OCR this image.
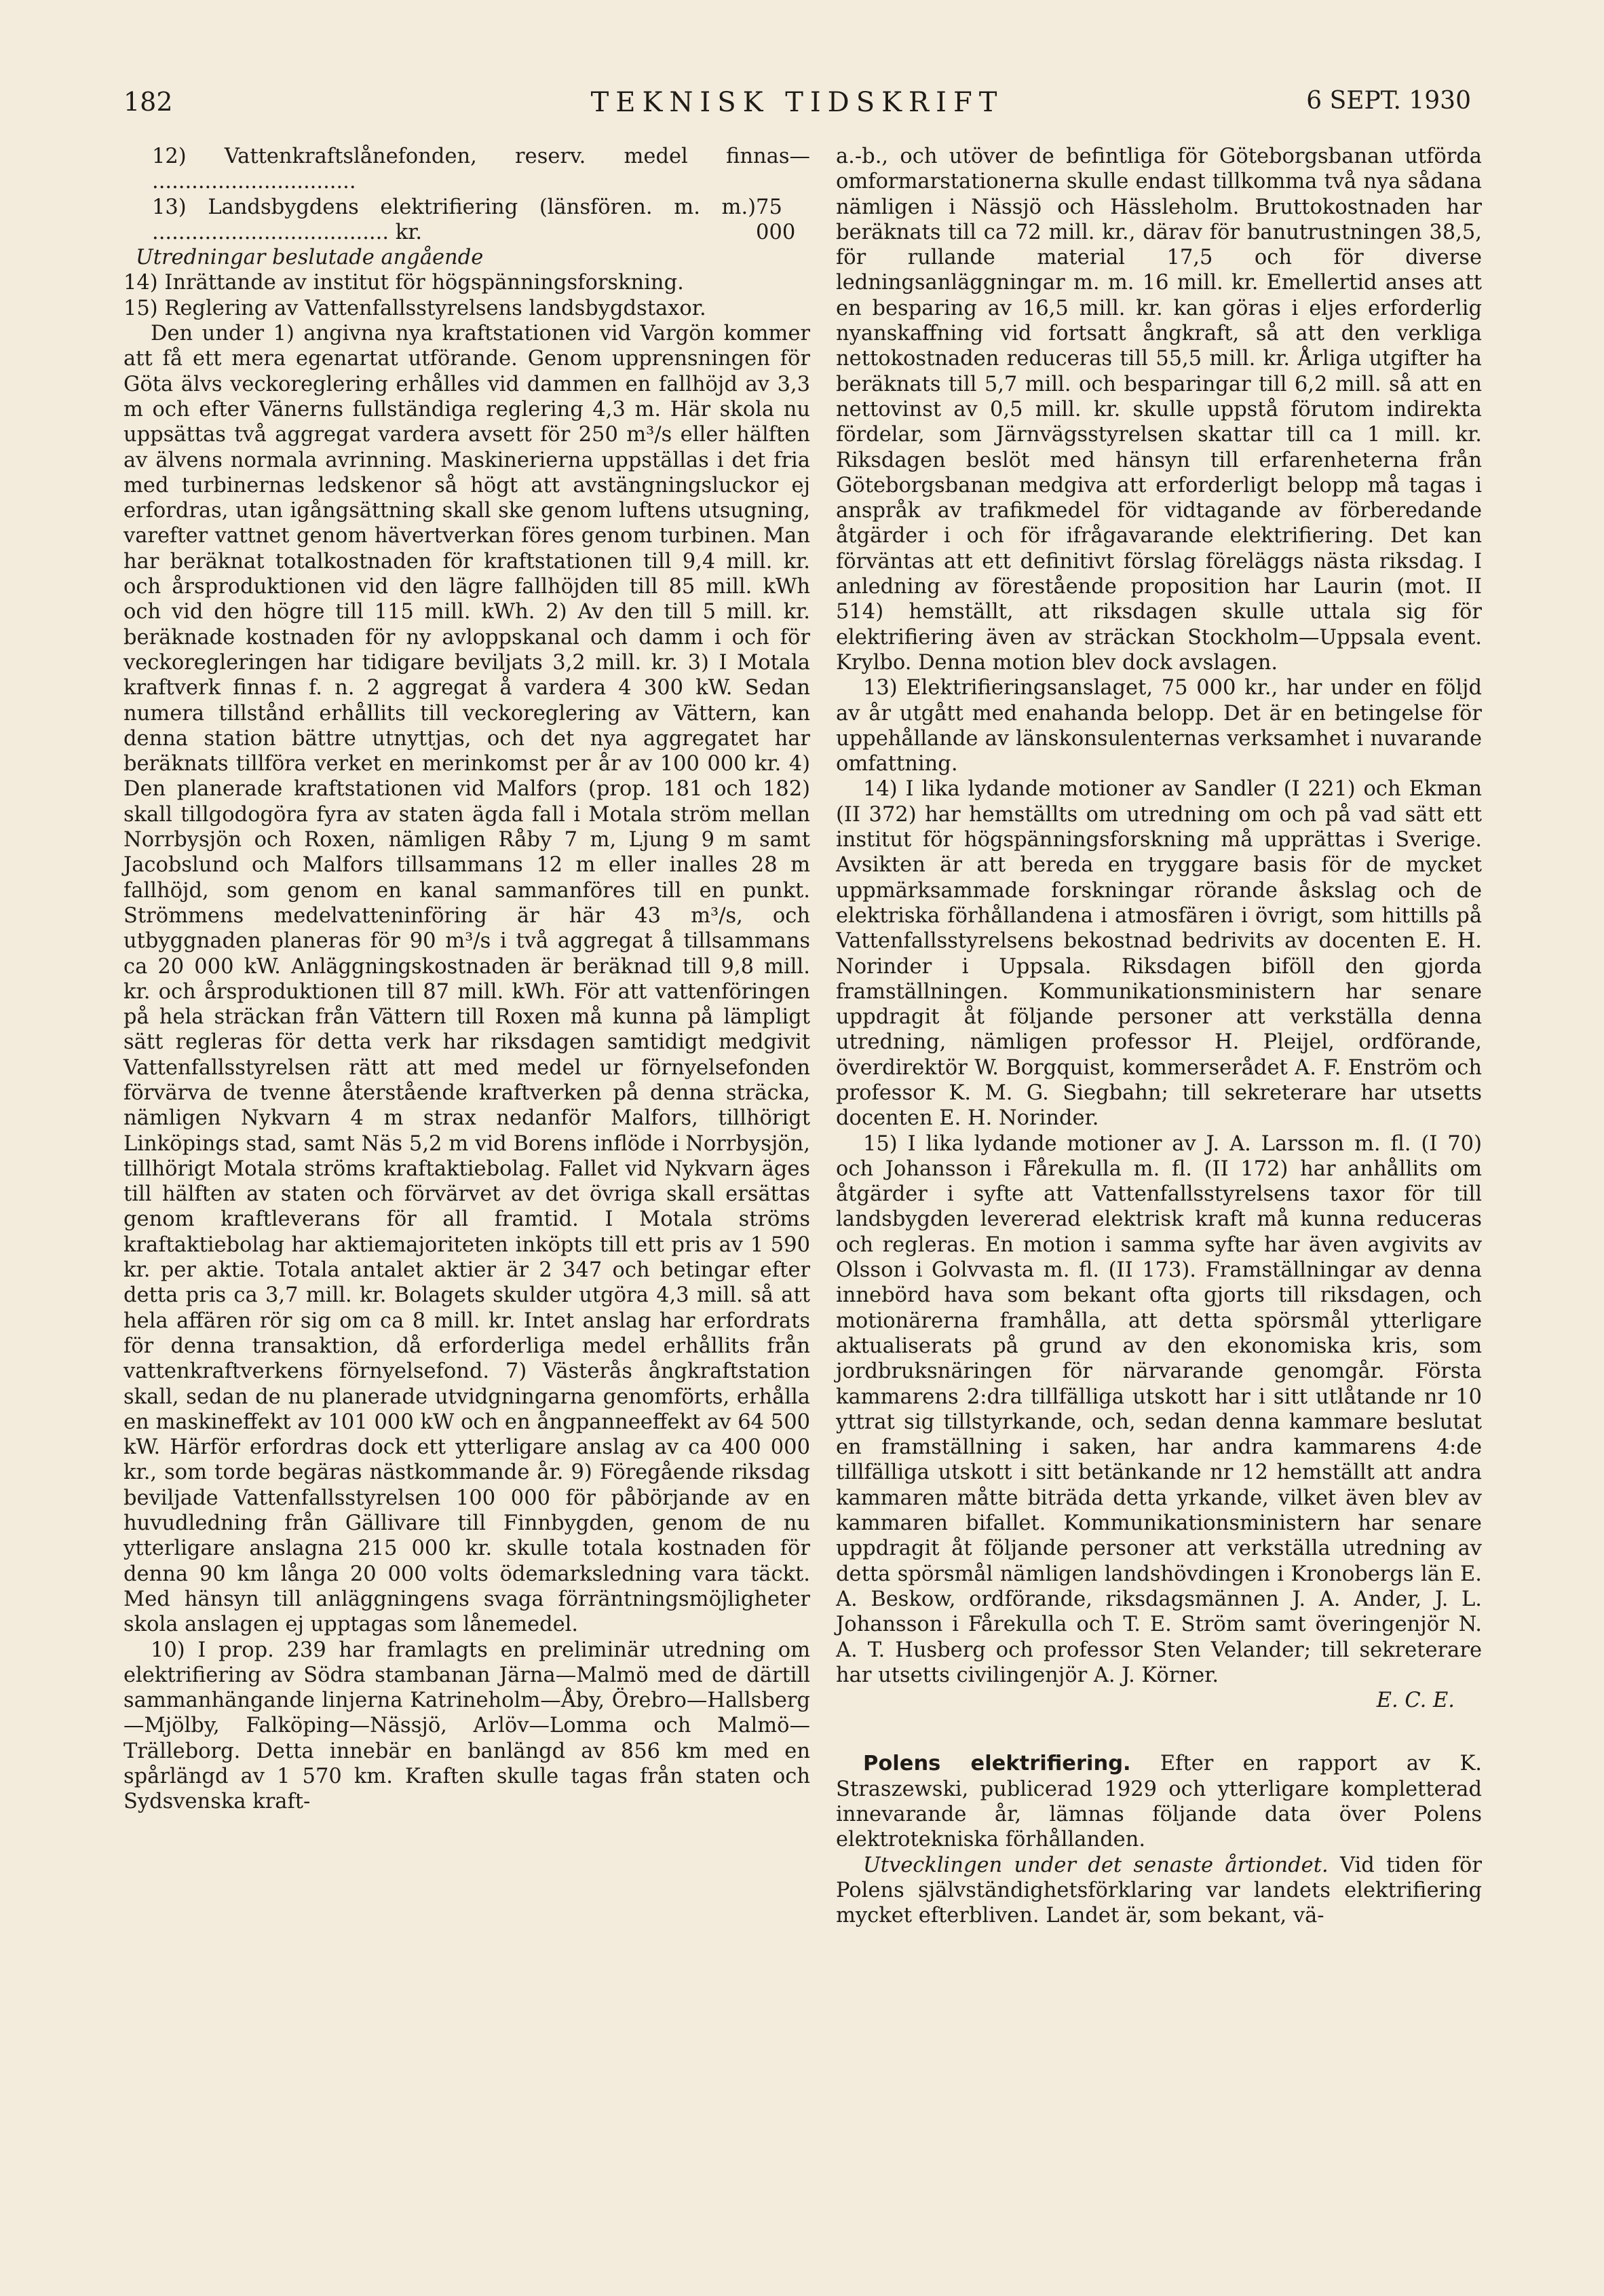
182	TEKNISK TIDSKRIFT	6 SEPT. 1930

12) Vattenkraftslånefonden, reserv. medel finnas ...............................
—

13) Landsbygdens elektrifiering (länsfören. m. m.) .................................... kr.
75 000

Utredningar beslutade angående

14) Inrättande av institut för högspänningsforskning.

15) Reglering av Vattenfallsstyrelsens landsbygdstaxor.

Den under 1) angivna nya kraftstationen vid Vargön kommer att få ett mera egenartat utförande. Genom upprensningen för Göta älvs veckoreglering erhålles vid dammen en fallhöjd av 3,3 m och efter Vänerns fullständiga reglering 4,3 m. Här skola nu uppsättas två aggregat vardera avsett för 250 m³/s eller hälften av älvens normala avrinning. Maskinerierna uppställas i det fria med turbinernas ledskenor så högt att avstängningsluckor ej erfordras, utan igångsättning skall ske genom luftens utsugning, varefter vattnet genom hävertverkan föres genom turbinen. Man har beräknat totalkostnaden för kraftstationen till 9,4 mill. kr. och årsproduktionen vid den lägre fallhöjden till 85 mill. kWh och vid den högre till 115 mill. kWh. 2) Av den till 5 mill. kr. beräknade kostnaden för ny avloppskanal och damm i och för veckoregleringen har tidigare beviljats 3,2 mill. kr. 3) I Motala kraftverk finnas f. n. 2 aggregat å vardera 4 300 kW. Sedan numera tillstånd erhållits till veckoreglering av Vättern, kan denna station bättre utnyttjas, och det nya aggregatet har beräknats tillföra verket en merinkomst per år av 100 000 kr. 4) Den planerade kraftstationen vid Malfors (prop. 181 och 182) skall tillgodogöra fyra av staten ägda fall i Motala ström mellan Norrbysjön och Roxen, nämligen Råby 7 m, Ljung 9 m samt Jacobslund och Malfors tillsammans 12 m eller inalles 28 m fallhöjd, som genom en kanal sammanföres till en punkt. Strömmens medelvatteninföring är här 43 m³/s, och utbyggnaden planeras för 90 m³/s i två aggregat å tillsammans ca 20 000 kW. Anläggningskostnaden är beräknad till 9,8 mill. kr. och årsproduktionen till 87 mill. kWh. För att vattenföringen på hela sträckan från Vättern till Roxen må kunna på lämpligt sätt regleras för detta verk har riksdagen samtidigt medgivit Vattenfallsstyrelsen rätt att med medel ur förnyelsefonden förvärva de tvenne återstående kraftverken på denna sträcka, nämligen Nykvarn 4 m strax nedanför Malfors, tillhörigt Linköpings stad, samt Näs 5,2 m vid Borens inflöde i Norrbysjön, tillhörigt Motala ströms kraftaktiebolag. Fallet vid Nykvarn äges till hälften av staten och förvärvet av det övriga skall ersättas genom kraftleverans för all framtid. I Motala ströms kraftaktiebolag har aktiemajoriteten inköpts till ett pris av 1 590 kr. per aktie. Totala antalet aktier är 2 347 och betingar efter detta pris ca 3,7 mill. kr. Bolagets skulder utgöra 4,3 mill. så att hela affären rör sig om ca 8 mill. kr. Intet anslag har erfordrats för denna transaktion, då erforderliga medel erhållits från vattenkraftverkens förnyelsefond. 7) Västerås ångkraftstation skall, sedan de nu planerade utvidgningarna genomförts, erhålla en maskineffekt av 101 000 kW och en ångpanneeffekt av 64 500 kW. Härför erfordras dock ett ytterligare anslag av ca 400 000 kr., som torde begäras nästkommande år. 9) Föregående riksdag beviljade Vattenfallsstyrelsen 100 000 för påbörjande av en huvudledning från Gällivare till Finnbygden, genom de nu ytterligare anslagna 215 000 kr. skulle totala kostnaden för denna 90 km långa 20 000 volts ödemarksledning vara täckt. Med hänsyn till anläggningens svaga förräntningsmöjligheter skola anslagen ej upptagas som lånemedel.

10) I prop. 239 har framlagts en preliminär utredning om elektrifiering av Södra stambanan Järna—Malmö med de därtill sammanhängande linjerna Katrineholm—Åby, Örebro—Hallsberg—Mjölby, Falköping—Nässjö, Arlöv—Lomma och Malmö—Trälleborg. Detta innebär en banlängd av 856 km med en spårlängd av 1 570 km. Kraften skulle tagas från staten och Sydsvenska kraft-

a.-b., och utöver de befintliga för Göteborgsbanan utförda omformarstationerna skulle endast tillkomma två nya sådana nämligen i Nässjö och Hässleholm. Bruttokostnaden har beräknats till ca 72 mill. kr., därav för banutrustningen 38,5, för rullande material 17,5 och för diverse ledningsanläggningar m. m. 16 mill. kr. Emellertid anses att en besparing av 16,5 mill. kr. kan göras i eljes erforderlig nyanskaffning vid fortsatt ångkraft, så att den verkliga nettokostnaden reduceras till 55,5 mill. kr. Årliga utgifter ha beräknats till 5,7 mill. och besparingar till 6,2 mill. så att en nettovinst av 0,5 mill. kr. skulle uppstå förutom indirekta fördelar, som Järnvägsstyrelsen skattar till ca 1 mill. kr. Riksdagen beslöt med hänsyn till erfarenheterna från Göteborgsbanan medgiva att erforderligt belopp må tagas i anspråk av trafikmedel för vidtagande av förberedande åtgärder i och för ifrågavarande elektrifiering. Det kan förväntas att ett definitivt förslag föreläggs nästa riksdag. I anledning av förestående proposition har Laurin (mot. II 514) hemställt, att riksdagen skulle uttala sig för elektrifiering även av sträckan Stockholm—Uppsala event. Krylbo. Denna motion blev dock avslagen.

13) Elektrifieringsanslaget, 75 000 kr., har under en följd av år utgått med enahanda belopp. Det är en betingelse för uppehållande av länskonsulenternas verksamhet i nuvarande omfattning.

14) I lika lydande motioner av Sandler (I 221) och Ekman (II 372) har hemställts om utredning om och på vad sätt ett institut för högspänningsforskning må upprättas i Sverige. Avsikten är att bereda en tryggare basis för de mycket uppmärksammade forskningar rörande åskslag och de elektriska förhållandena i atmosfären i övrigt, som hittills på Vattenfallsstyrelsens bekostnad bedrivits av docenten E. H. Norinder i Uppsala. Riksdagen biföll den gjorda framställningen. Kommunikationsministern har senare uppdragit åt följande personer att verkställa denna utredning, nämligen professor H. Pleijel, ordförande, överdirektör W. Borgquist, kommerserådet A. F. Enström och professor K. M. G. Siegbahn; till sekreterare har utsetts docenten E. H. Norinder.

15) I lika lydande motioner av J. A. Larsson m. fl. (I 70) och Johansson i Fårekulla m. fl. (II 172) har anhållits om åtgärder i syfte att Vattenfallsstyrelsens taxor för till landsbygden levererad elektrisk kraft må kunna reduceras och regleras. En motion i samma syfte har även avgivits av Olsson i Golvvasta m. fl. (II 173). Framställningar av denna innebörd hava som bekant ofta gjorts till riksdagen, och motionärerna framhålla, att detta spörsmål ytterligare aktualiserats på grund av den ekonomiska kris, som jordbruksnäringen för närvarande genomgår. Första kammarens 2:dra tillfälliga utskott har i sitt utlåtande nr 10 yttrat sig tillstyrkande, och, sedan denna kammare beslutat en framställning i saken, har andra kammarens 4:de tillfälliga utskott i sitt betänkande nr 12 hemställt att andra kammaren måtte biträda detta yrkande, vilket även blev av kammaren bifallet. Kommunikationsministern har senare uppdragit åt följande personer att verkställa utredning av detta spörsmål nämligen landshövdingen i Kronobergs län E. A. Beskow, ordförande, riksdagsmännen J. A. Ander, J. L. Johansson i Fårekulla och T. E. Ström samt överingenjör N. A. T. Husberg och professor Sten Velander; till sekreterare har utsetts civilingenjör A. J. Körner.

E. C. E.

Polens elektrifiering. Efter en rapport av K. Straszewski, publicerad 1929 och ytterligare kompletterad innevarande år, lämnas följande data över Polens elektrotekniska förhållanden.

Utvecklingen under det senaste årtiondet. Vid tiden för Polens självständighetsförklaring var landets elektrifiering mycket efterbliven. Landet är, som bekant, vä-
